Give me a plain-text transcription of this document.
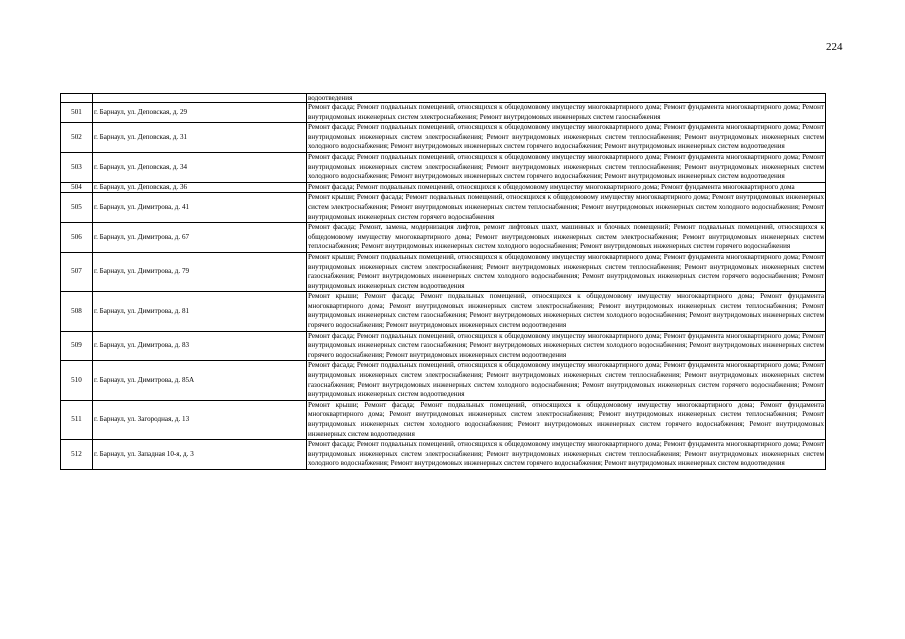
224
		водоотведения
501	г. Барнаул, ул. Деповская, д. 29	Ремонт фасада; Ремонт подвальных помещений, относящихся к общедомовому имуществу многоквартирного дома; Ремонт фундамента многоквартирного дома; Ремонт внутридомовых инженерных систем электроснабжения; Ремонт внутридомовых инженерных систем газоснабжения
502	г. Барнаул, ул. Деповская, д. 31	Ремонт фасада; Ремонт подвальных помещений, относящихся к общедомовому имуществу многоквартирного дома; Ремонт фундамента многоквартирного дома; Ремонт внутридомовых инженерных систем электроснабжения; Ремонт внутридомовых инженерных систем теплоснабжения; Ремонт внутридомовых инженерных систем холодного водоснабжения; Ремонт внутридомовых инженерных систем горячего водоснабжения; Ремонт внутридомовых инженерных систем водоотведения
503	г. Барнаул, ул. Деповская, д. 34	Ремонт фасада; Ремонт подвальных помещений, относящихся к общедомовому имуществу многоквартирного дома; Ремонт фундамента многоквартирного дома; Ремонт внутридомовых инженерных систем электроснабжения; Ремонт внутридомовых инженерных систем теплоснабжения; Ремонт внутридомовых инженерных систем холодного водоснабжения; Ремонт внутридомовых инженерных систем горячего водоснабжения; Ремонт внутридомовых инженерных систем водоотведения
504	г. Барнаул, ул. Деповская, д. 36	Ремонт фасада; Ремонт подвальных помещений, относящихся к общедомовому имуществу многоквартирного дома; Ремонт фундамента многоквартирного дома
505	г. Барнаул, ул. Димитрова, д. 41	Ремонт крыши; Ремонт фасада; Ремонт подвальных помещений, относящихся к общедомовому имуществу многоквартирного дома; Ремонт внутридомовых инженерных систем электроснабжения; Ремонт внутридомовых инженерных систем теплоснабжения; Ремонт внутридомовых инженерных систем холодного водоснабжения; Ремонт внутридомовых инженерных систем горячего водоснабжения
506	г. Барнаул, ул. Димитрова, д. 67	Ремонт фасада; Ремонт, замена, модернизация лифтов, ремонт лифтовых шахт, машинных и блочных помещений; Ремонт подвальных помещений, относящихся к общедомовому имуществу многоквартирного дома; Ремонт внутридомовых инженерных систем электроснабжения; Ремонт внутридомовых инженерных систем теплоснабжения; Ремонт внутридомовых инженерных систем холодного водоснабжения; Ремонт внутридомовых инженерных систем горячего водоснабжения
507	г. Барнаул, ул. Димитрова, д. 79	Ремонт крыши; Ремонт подвальных помещений, относящихся к общедомовому имуществу многоквартирного дома; Ремонт фундамента многоквартирного дома; Ремонт внутридомовых инженерных систем электроснабжения; Ремонт внутридомовых инженерных систем теплоснабжения; Ремонт внутридомовых инженерных систем газоснабжения; Ремонт внутридомовых инженерных систем холодного водоснабжения; Ремонт внутридомовых инженерных систем горячего водоснабжения; Ремонт внутридомовых инженерных систем водоотведения
508	г. Барнаул, ул. Димитрова, д. 81	Ремонт крыши; Ремонт фасада; Ремонт подвальных помещений, относящихся к общедомовому имуществу многоквартирного дома; Ремонт фундамента многоквартирного дома; Ремонт внутридомовых инженерных систем электроснабжения; Ремонт внутридомовых инженерных систем теплоснабжения; Ремонт внутридомовых инженерных систем газоснабжения; Ремонт внутридомовых инженерных систем холодного водоснабжения; Ремонт внутридомовых инженерных систем горячего водоснабжения; Ремонт внутридомовых инженерных систем водоотведения
509	г. Барнаул, ул. Димитрова, д. 83	Ремонт фасада; Ремонт подвальных помещений, относящихся к общедомовому имуществу многоквартирного дома; Ремонт фундамента многоквартирного дома; Ремонт внутридомовых инженерных систем газоснабжения; Ремонт внутридомовых инженерных систем холодного водоснабжения; Ремонт внутридомовых инженерных систем горячего водоснабжения; Ремонт внутридомовых инженерных систем водоотведения
510	г. Барнаул, ул. Димитрова, д. 85А	Ремонт фасада; Ремонт подвальных помещений, относящихся к общедомовому имуществу многоквартирного дома; Ремонт фундамента многоквартирного дома; Ремонт внутридомовых инженерных систем электроснабжения; Ремонт внутридомовых инженерных систем теплоснабжения; Ремонт внутридомовых инженерных систем газоснабжения; Ремонт внутридомовых инженерных систем холодного водоснабжения; Ремонт внутридомовых инженерных систем горячего водоснабжения; Ремонт внутридомовых инженерных систем водоотведения
511	г. Барнаул, ул. Загородная, д. 13	Ремонт крыши; Ремонт фасада; Ремонт подвальных помещений, относящихся к общедомовому имуществу многоквартирного дома; Ремонт фундамента многоквартирного дома; Ремонт внутридомовых инженерных систем электроснабжения; Ремонт внутридомовых инженерных систем теплоснабжения; Ремонт внутридомовых инженерных систем холодного водоснабжения; Ремонт внутридомовых инженерных систем горячего водоснабжения; Ремонт внутридомовых инженерных систем водоотведения
512	г. Барнаул, ул. Западная 10-я, д. 3	Ремонт фасада; Ремонт подвальных помещений, относящихся к общедомовому имуществу многоквартирного дома; Ремонт фундамента многоквартирного дома; Ремонт внутридомовых инженерных систем электроснабжения; Ремонт внутридомовых инженерных систем теплоснабжения; Ремонт внутридомовых инженерных систем холодного водоснабжения; Ремонт внутридомовых инженерных систем горячего водоснабжения; Ремонт внутридомовых инженерных систем водоотведения
